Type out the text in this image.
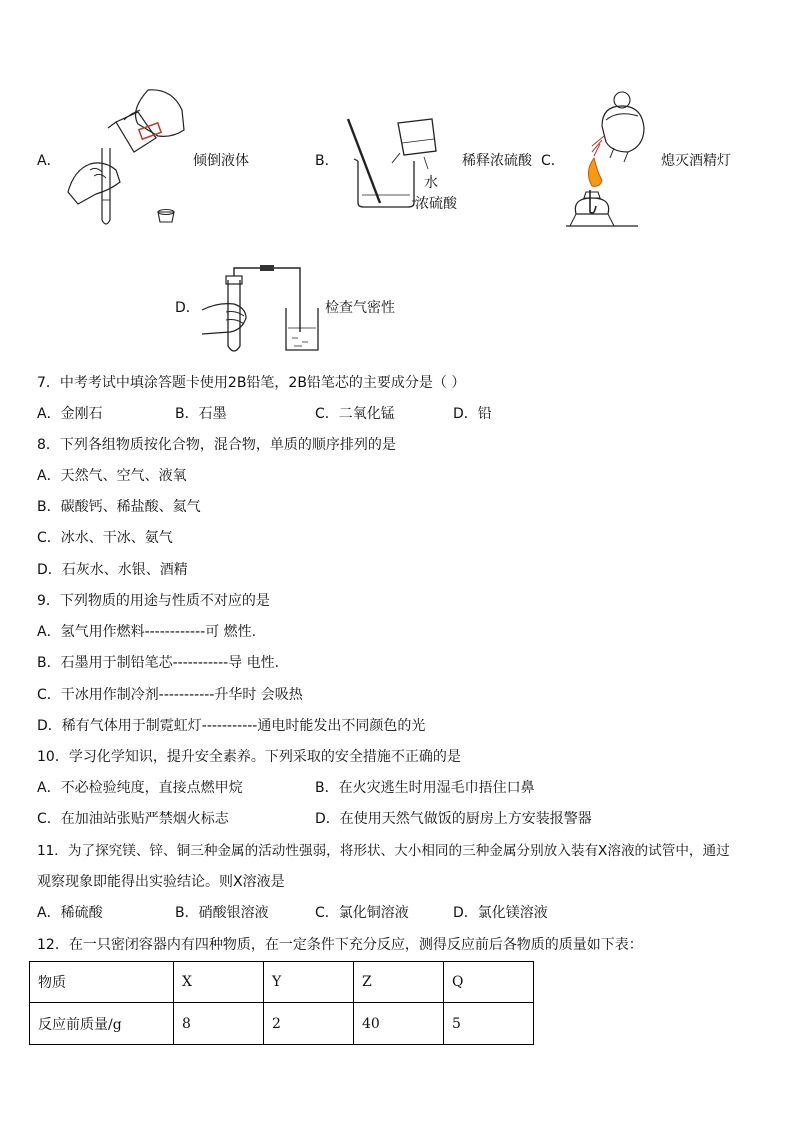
A．	倾倒液体	B．
水
浓硫酸
稀释浓硫酸 C．	熄灭酒精灯
D．	检查气密性
7．中考考试中填涂答题卡使用2B铅笔，2B铅笔芯的主要成分是（ ）
A．金刚石	B．石墨	C．二氧化锰	D．铅
8．下列各组物质按化合物，混合物，单质的顺序排列的是
A．天然气、空气、液氧
B．碳酸钙、稀盐酸、氦气
C．冰水、干冰、氨气
D．石灰水、水银、酒精
9．下列物质的用途与性质不对应的是
A．氢气用作燃料------------可 燃性.
B．石墨用于制铅笔芯-----------导 电性.
C．干冰用作制冷剂-----------升华时 会吸热
D．稀有气体用于制霓虹灯-----------通电时能发出不同颜色的光
10．学习化学知识，提升安全素养。下列采取的安全措施不正确的是
A．不必检验纯度，直接点燃甲烷	B．在火灾逃生时用湿毛巾捂住口鼻
C．在加油站张贴严禁烟火标志	D．在使用天然气做饭的厨房上方安装报警器
11．为了探究镁、锌、铜三种金属的活动性强弱，将形状、大小相同的三种金属分别放入装有X溶液的试管中，通过
观察现象即能得出实验结论。则X溶液是
A．稀硫酸	B．硝酸银溶液	C．氯化铜溶液	D．氯化镁溶液
12．在一只密闭容器内有四种物质，在一定条件下充分反应，测得反应前后各物质的质量如下表：
物质	X	Y	Z	Q
反应前质量/g	8	2	40	5
